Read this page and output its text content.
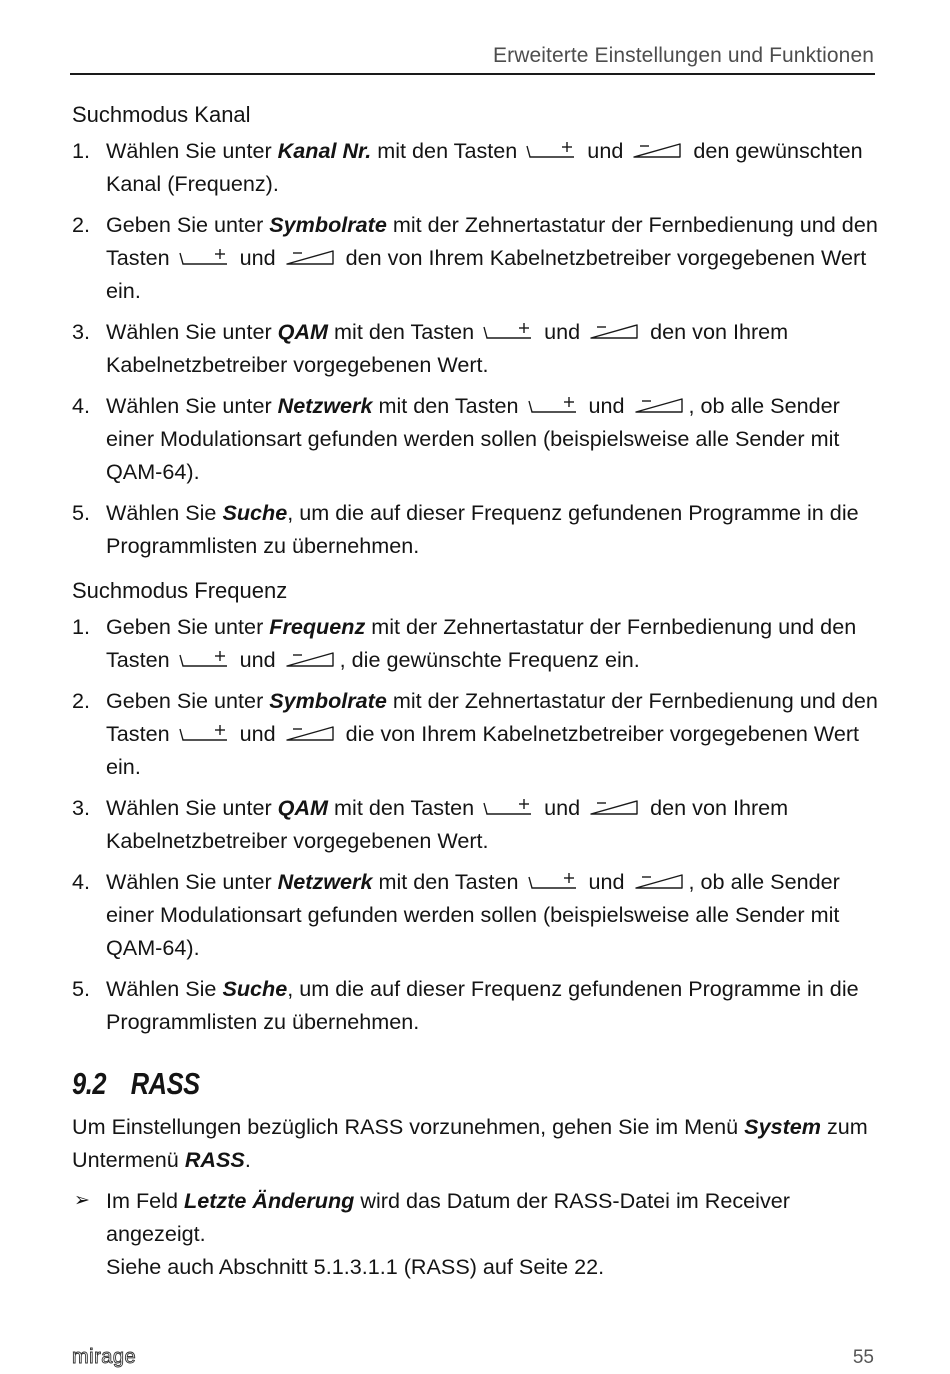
Erweiterte Einstellungen und Funktionen
Suchmodus Kanal
1. Wählen Sie unter Kanal Nr. mit den Tasten	und	den gewünschten Kanal (Frequenz).
2. Geben Sie unter Symbolrate mit der Zehnertastatur der Fernbedienung und den Tasten	und	den von Ihrem Kabelnetzbetreiber vorgegebenen Wert ein.
3. Wählen Sie unter QAM mit den Tasten	und	den von Ihrem Kabelnetzbetreiber vorgegebenen Wert.
4. Wählen Sie unter Netzwerk mit den Tasten	und	, ob alle Sender einer Modulationsart gefunden werden sollen (beispielsweise alle Sender mit QAM-64).
5. Wählen Sie Suche, um die auf dieser Frequenz gefundenen Programme in die Programmlisten zu übernehmen.
Suchmodus Frequenz
1. Geben Sie unter Frequenz mit der Zehnertastatur der Fernbedienung und den Tasten	und	, die gewünschte Frequenz ein.
2. Geben Sie unter Symbolrate mit der Zehnertastatur der Fernbedienung und den Tasten	und	die von Ihrem Kabelnetzbetreiber vorgegebenen Wert ein.
3. Wählen Sie unter QAM mit den Tasten	und	den von Ihrem Kabelnetzbetreiber vorgegebenen Wert.
4. Wählen Sie unter Netzwerk mit den Tasten	und	, ob alle Sender einer Modulationsart gefunden werden sollen (beispielsweise alle Sender mit QAM-64).
5. Wählen Sie Suche, um die auf dieser Frequenz gefundenen Programme in die Programmlisten zu übernehmen.
9.2 RASS

Um Einstellungen bezüglich RASS vorzunehmen, gehen Sie im Menü System zum Untermenü RASS.

➢ Im Feld Letzte Änderung wird das Datum der RASS-Datei im Receiver angezeigt.
Siehe auch Abschnitt 5.1.3.1.1 (RASS) auf Seite 22.
mirage	55
